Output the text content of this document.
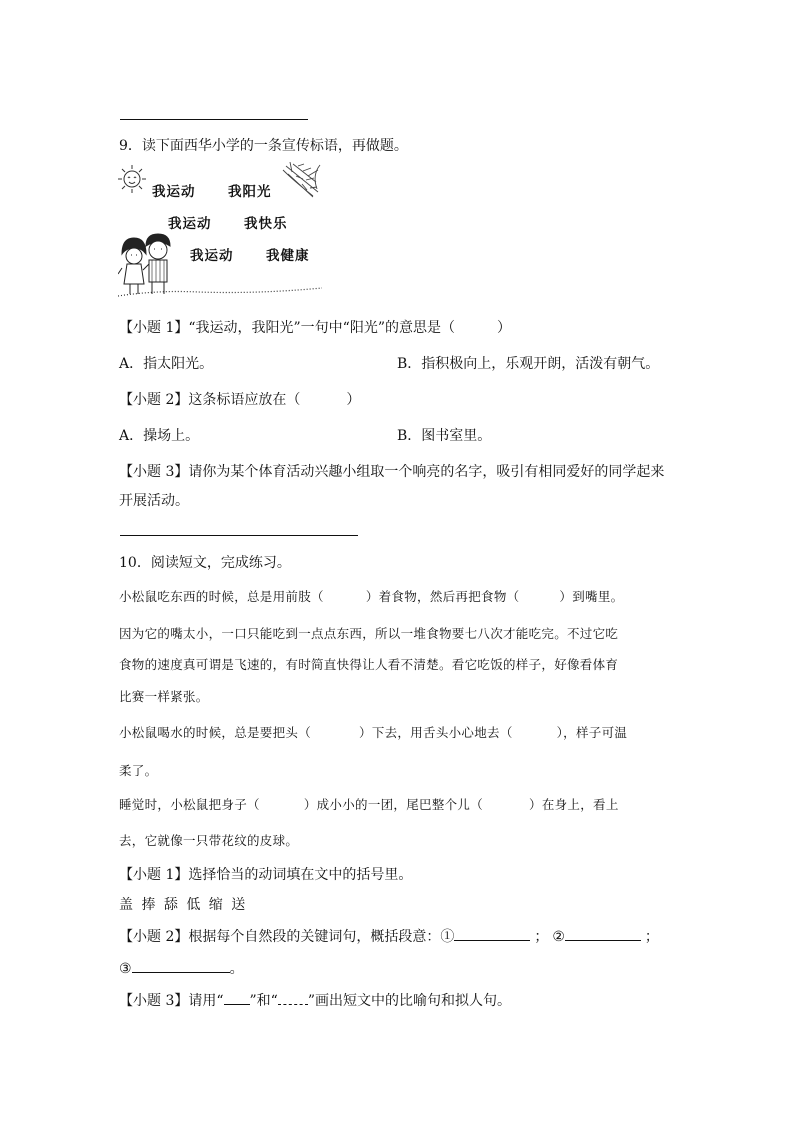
9．读下面西华小学的一条宣传标语，再做题。
我运动 我阳光
我运动 我快乐
我运动 我健康
【小题 1】“我运动，我阳光”一句中“阳光”的意思是（	）
A．指太阳光。	B．指积极向上，乐观开朗，活泼有朝气。
【小题 2】这条标语应放在（	）
A．操场上。	B．图书室里。
【小题 3】请你为某个体育活动兴趣小组取一个响亮的名字，吸引有相同爱好的同学起来
开展活动。
10．阅读短文，完成练习。
小松鼠吃东西的时候，总是用前肢（	）着食物，然后再把食物（	）到嘴里。
因为它的嘴太小，一口只能吃到一点点东西，所以一堆食物要七八次才能吃完。不过它吃
食物的速度真可谓是飞速的，有时简直快得让人看不清楚。看它吃饭的样子，好像看体育
比赛一样紧张。
小松鼠喝水的时候，总是要把头（	）下去，用舌头小心地去（	），样子可温
柔了。
睡觉时，小松鼠把身子（	）成小小的一团，尾巴整个儿（	）在身上，看上
去，它就像一只带花纹的皮球。
【小题 1】选择恰当的动词填在文中的括号里。
盖 捧 舔 低 缩 送
【小题 2】根据每个自然段的关键词句，概括段意：①	； ②	；
③	。
【小题 3】请用“ ”和“ ”画出短文中的比喻句和拟人句。
